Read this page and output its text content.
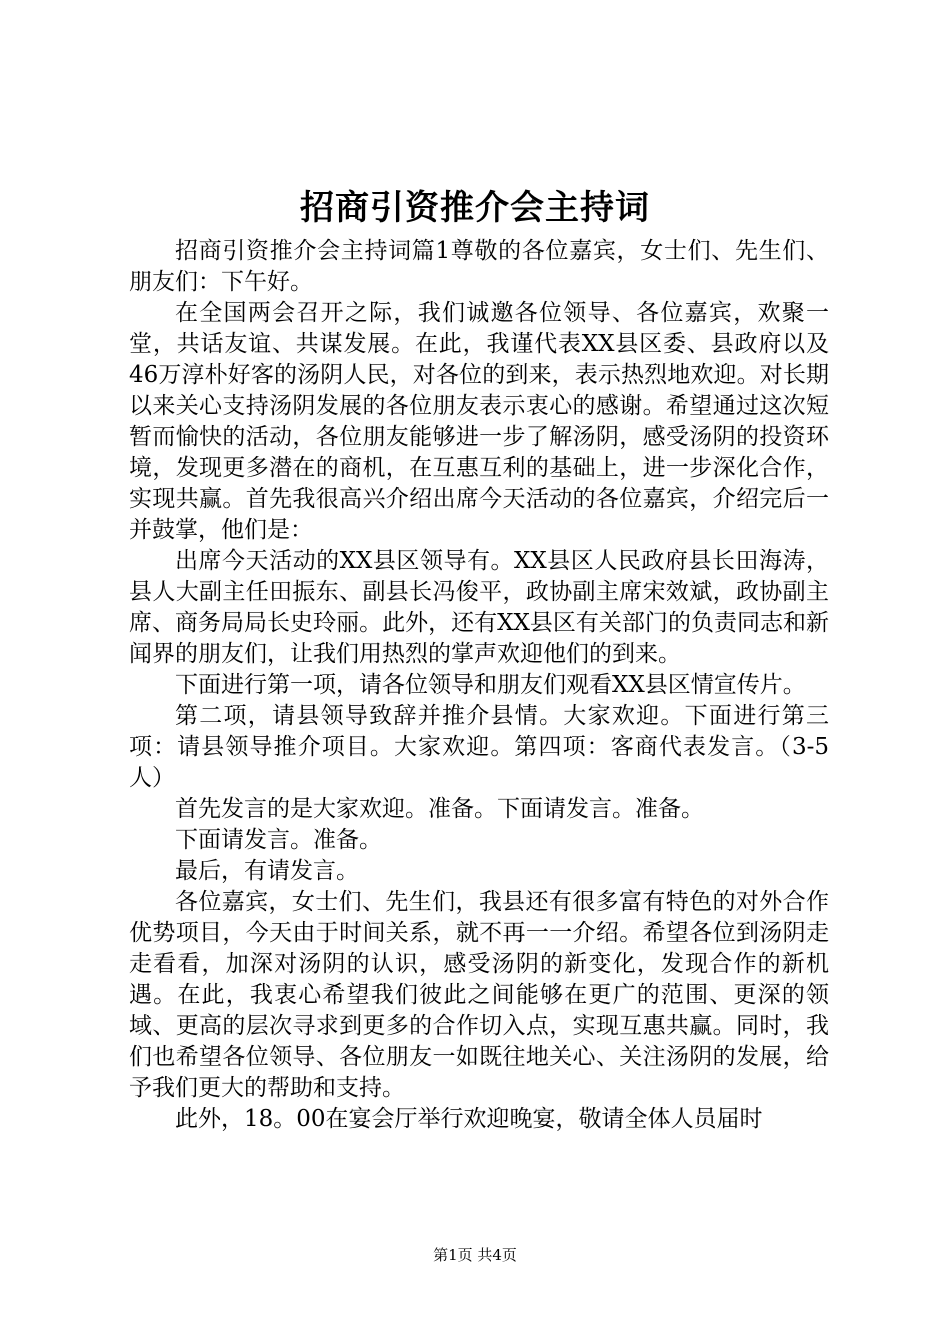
招商引资推介会主持词

招商引资推介会主持词篇1尊敬的各位嘉宾，女士们、先生们、朋友们：下午好。

在全国两会召开之际，我们诚邀各位领导、各位嘉宾，欢聚一堂，共话友谊、共谋发展。在此，我谨代表XX县区委、县政府以及46万淳朴好客的汤阴人民，对各位的到来，表示热烈地欢迎。对长期以来关心支持汤阴发展的各位朋友表示衷心的感谢。希望通过这次短暂而愉快的活动，各位朋友能够进一步了解汤阴，感受汤阴的投资环境，发现更多潜在的商机，在互惠互利的基础上，进一步深化合作，实现共赢。首先我很高兴介绍出席今天活动的各位嘉宾，介绍完后一并鼓掌，他们是：

出席今天活动的XX县区领导有。XX县区人民政府县长田海涛，县人大副主任田振东、副县长冯俊平，政协副主席宋效斌，政协副主席、商务局局长史玲丽。此外，还有XX县区有关部门的负责同志和新闻界的朋友们，让我们用热烈的掌声欢迎他们的到来。

下面进行第一项，请各位领导和朋友们观看XX县区情宣传片。

第二项，请县领导致辞并推介县情。大家欢迎。下面进行第三项：请县领导推介项目。大家欢迎。第四项：客商代表发言。（3-5人）

首先发言的是大家欢迎。准备。下面请发言。准备。

下面请发言。准备。

最后，有请发言。

各位嘉宾，女士们、先生们，我县还有很多富有特色的对外合作优势项目，今天由于时间关系，就不再一一介绍。希望各位到汤阴走走看看，加深对汤阴的认识，感受汤阴的新变化，发现合作的新机遇。在此，我衷心希望我们彼此之间能够在更广的范围、更深的领域、更高的层次寻求到更多的合作切入点，实现互惠共赢。同时，我们也希望各位领导、各位朋友一如既往地关心、关注汤阴的发展，给予我们更大的帮助和支持。

此外，18。00在宴会厅举行欢迎晚宴，敬请全体人员届时

第1页 共4页
